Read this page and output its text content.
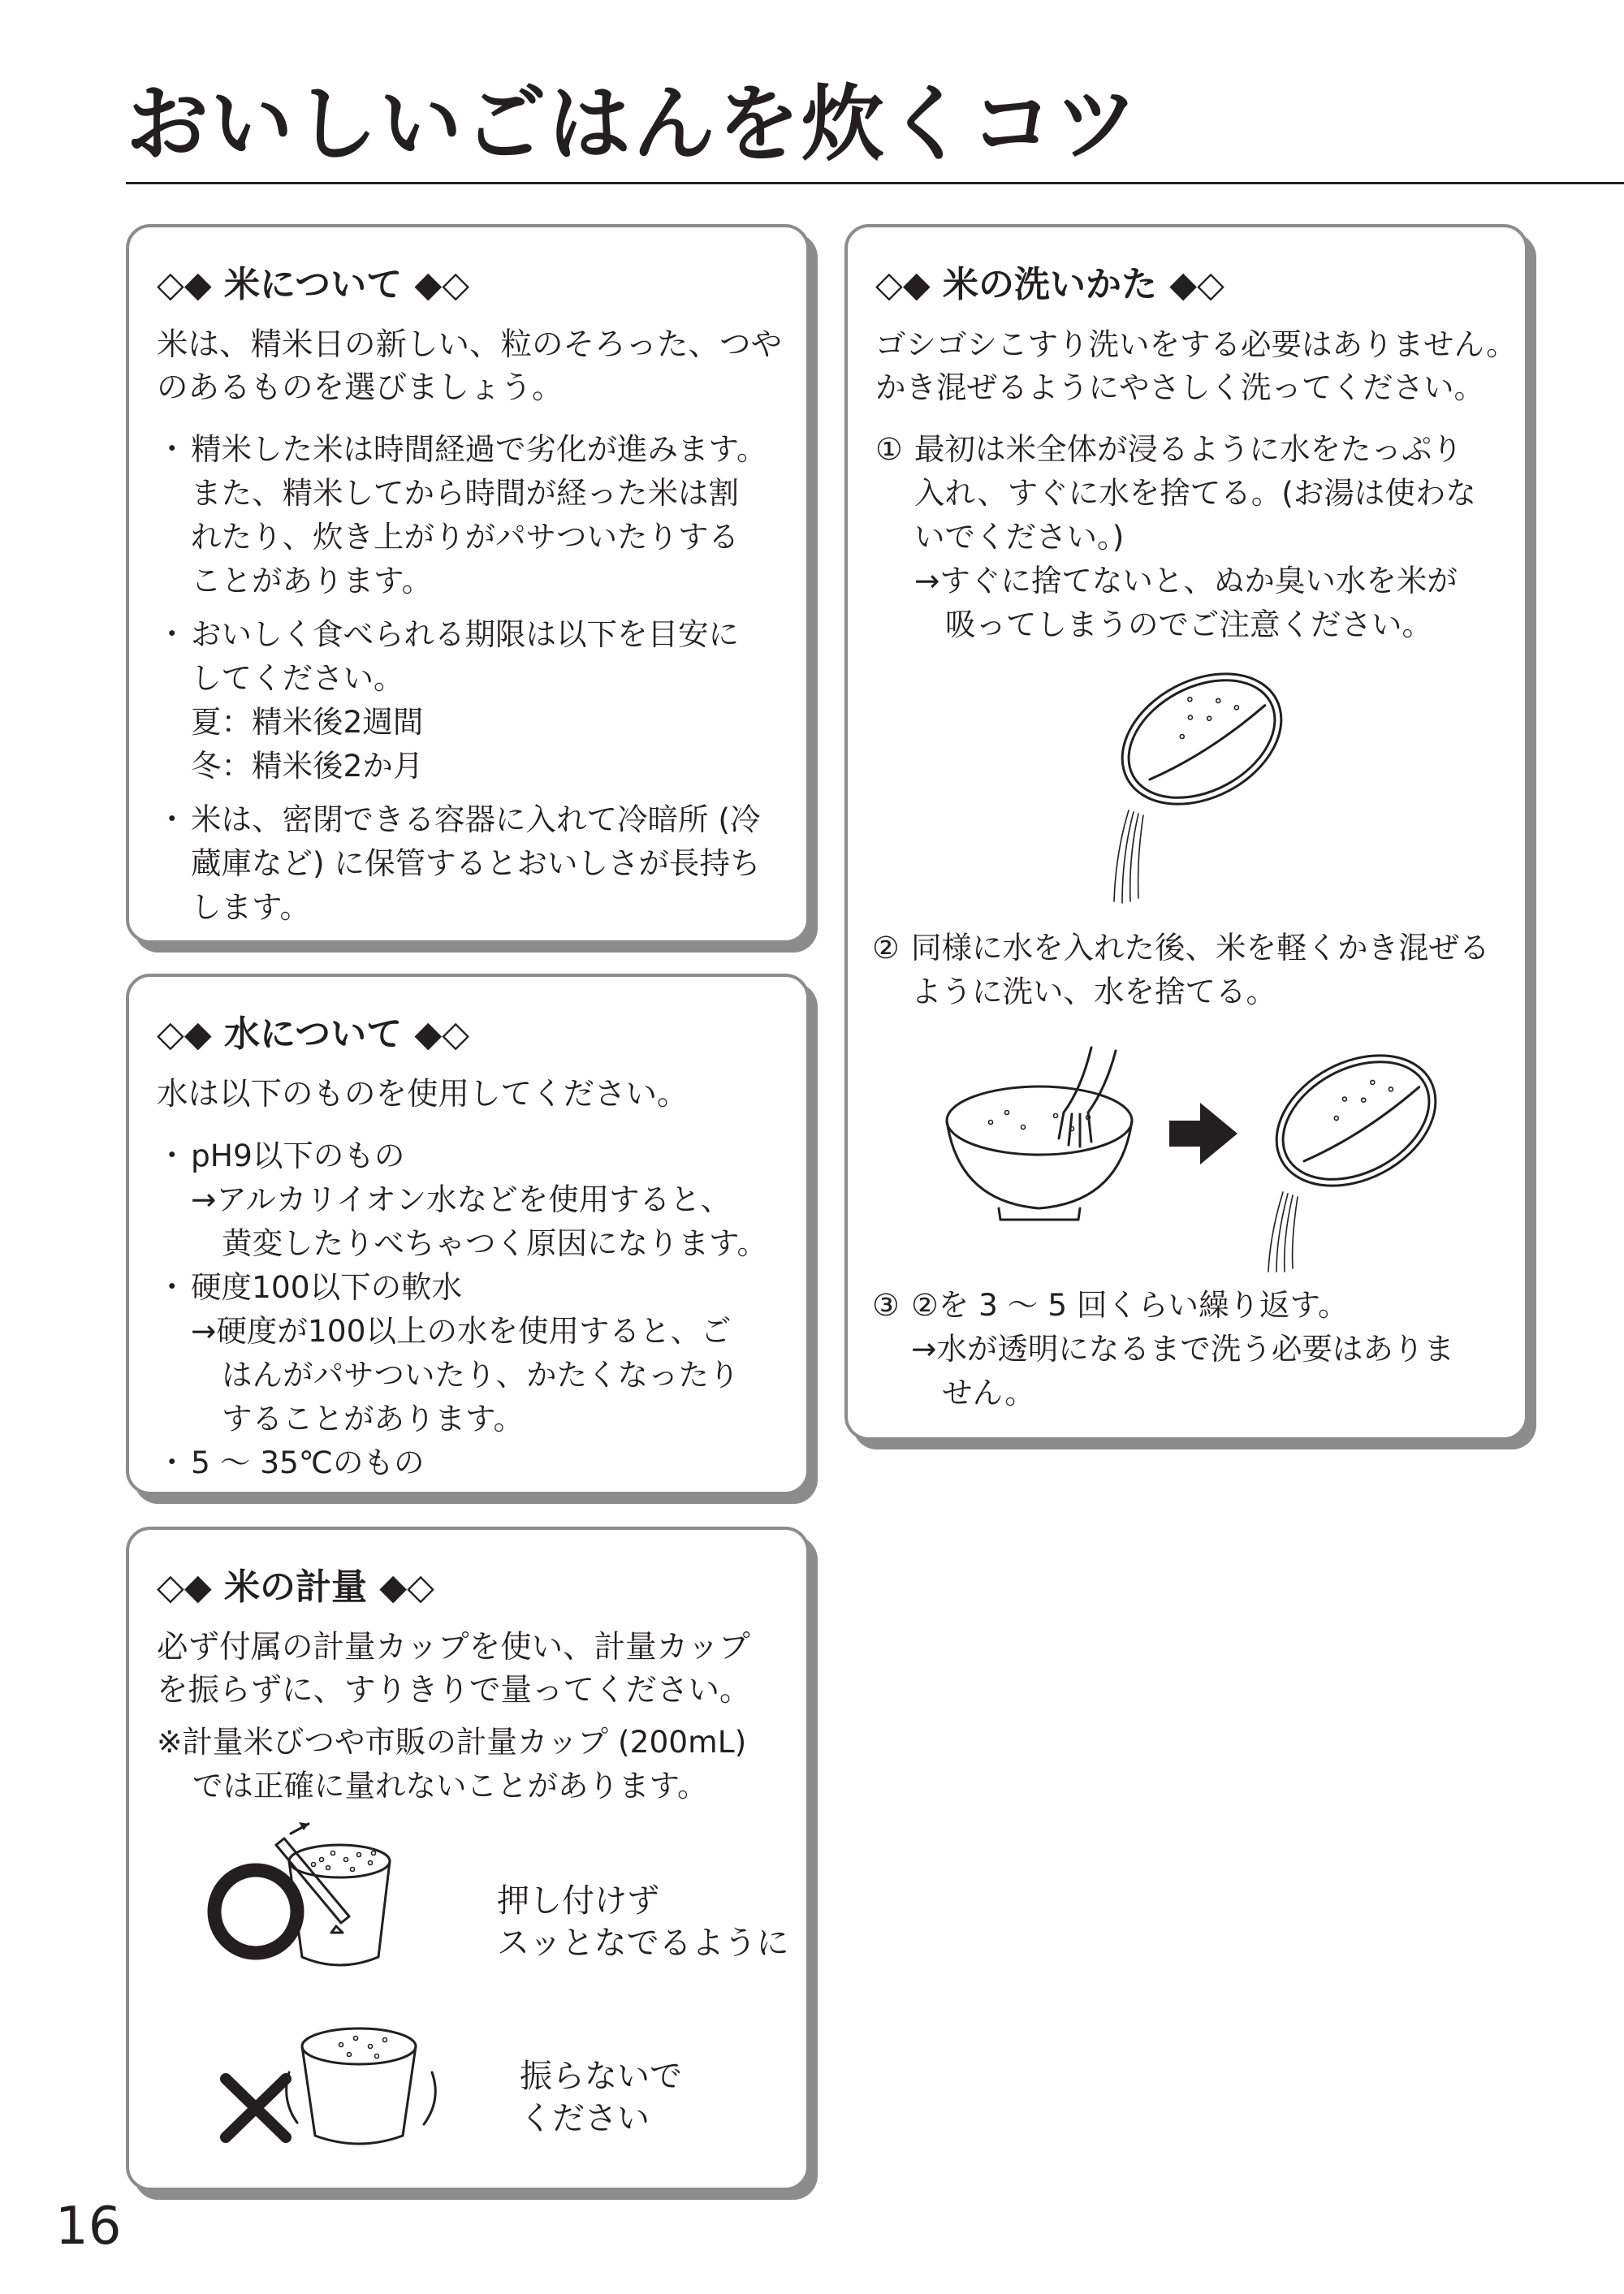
おいしいごはんを炊くコツ
◇◆ 米について ◆◇
米は、精米日の新しい、粒のそろった、つや
のあるものを選びましょう。
・ 精米した米は時間経過で劣化が進みます。
また、精米してから時間が経った米は割
れたり、炊き上がりがパサついたりする
ことがあります。
・ おいしく食べられる期限は以下を目安に
してください。
夏：精米後2週間
冬：精米後2か月
・ 米は、密閉できる容器に入れて冷暗所 (冷
蔵庫など) に保管するとおいしさが長持ち
します。
◇◆ 水について ◆◇
水は以下のものを使用してください。
・ pH9以下のもの
→アルカリイオン水などを使用すると、
黄変したりべちゃつく原因になります。
・ 硬度100以下の軟水
→硬度が100以上の水を使用すると、ご
はんがパサついたり、かたくなったり
することがあります。
・ 5 ～ 35℃のもの
◇◆ 米の計量 ◆◇
必ず付属の計量カップを使い、計量カップ
を振らずに、すりきりで量ってください。
※計量米びつや市販の計量カップ (200mL)
では正確に量れないことがあります。
押し付けず
スッとなでるように
振らないで
ください
◇◆ 米の洗いかた ◆◇
ゴシゴシこすり洗いをする必要はありません。
かき混ぜるようにやさしく洗ってください。
① 最初は米全体が浸るように水をたっぷり
入れ、すぐに水を捨てる。(お湯は使わな
いでください。)
→すぐに捨てないと、ぬか臭い水を米が
吸ってしまうのでご注意ください。
② 同様に水を入れた後、米を軽くかき混ぜる
ように洗い、水を捨てる。
③ ②を 3 ～ 5 回くらい繰り返す。
→水が透明になるまで洗う必要はありま
せん。
16
